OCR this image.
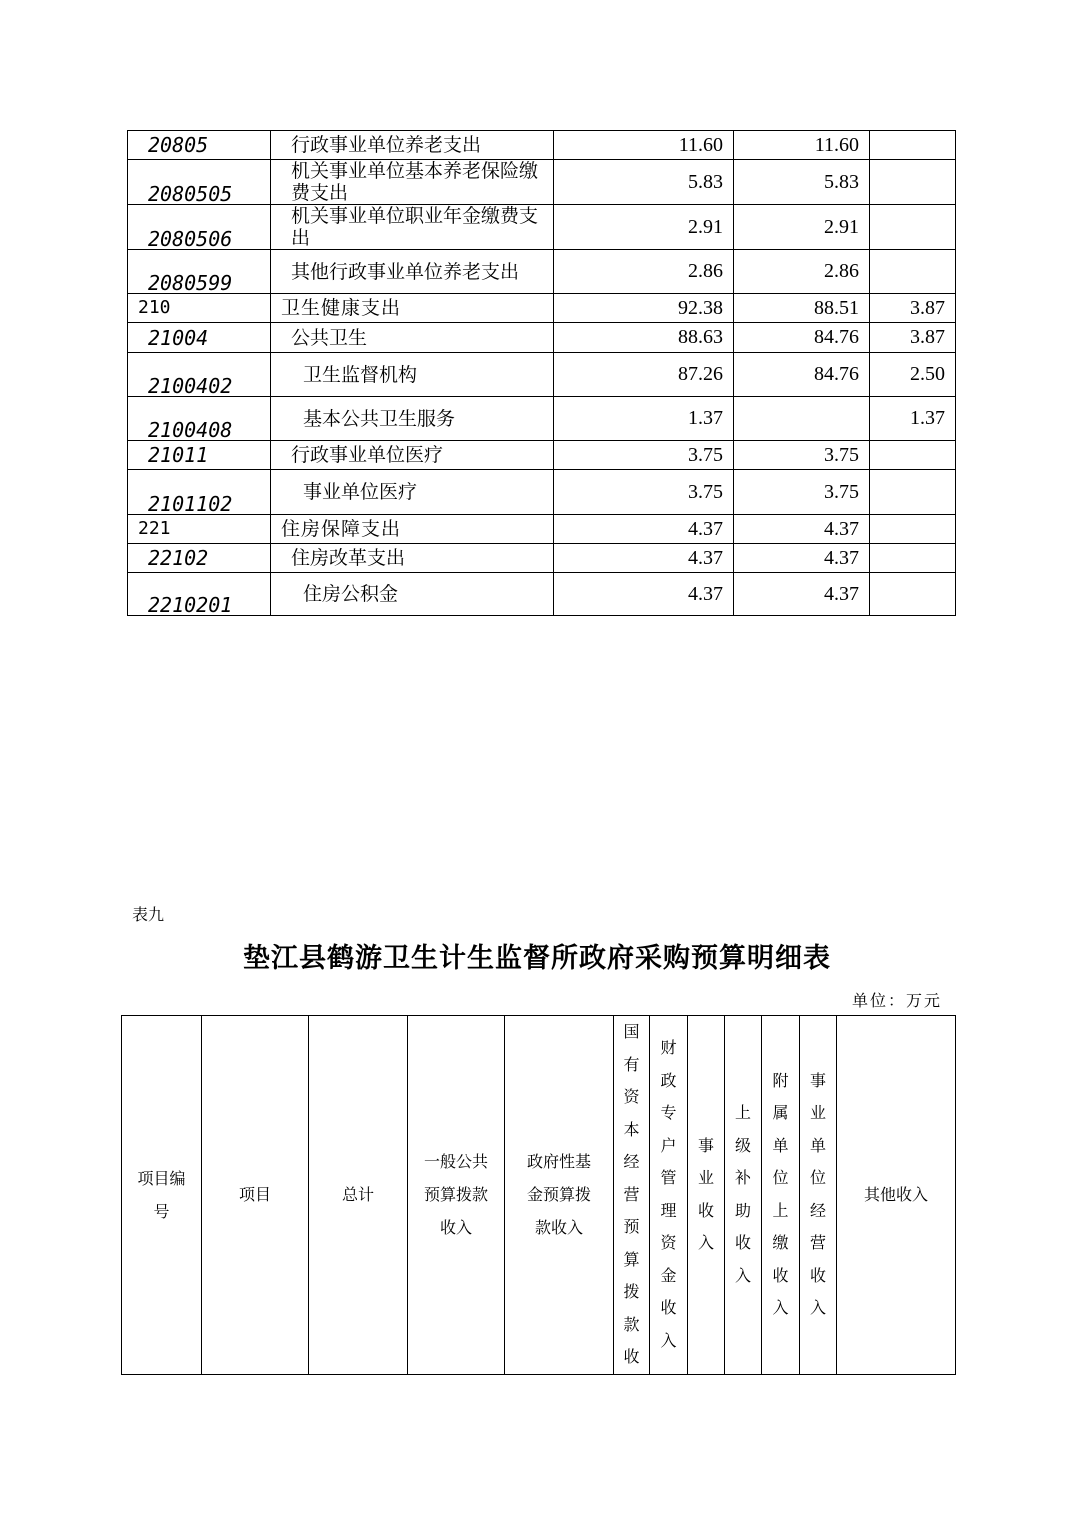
20805	行政事业单位养老支出	11.60	11.60	
2080505	机关事业单位基本养老保险缴费支出	5.83	5.83	
2080506	机关事业单位职业年金缴费支出	2.91	2.91	
2080599	其他行政事业单位养老支出	2.86	2.86	
210	卫生健康支出	92.38	88.51	3.87
21004	公共卫生	88.63	84.76	3.87
2100402	卫生监督机构	87.26	84.76	2.50
2100408	基本公共卫生服务	1.37		1.37
21011	行政事业单位医疗	3.75	3.75	
2101102	事业单位医疗	3.75	3.75	
221	住房保障支出	4.37	4.37	
22102	住房改革支出	4.37	4.37	
2210201	住房公积金	4.37	4.37	
表九
垫江县鹤游卫生计生监督所政府采购预算明细表
单位：万元
项目编号	项目	总计	一般公共预算拨款收入	政府性基金预算拨款收入	国有资本经营预算拨款收	财政专户管理资金收入	事业收入	上级补助收入	附属单位上缴收入	事业单位经营收入	其他收入
